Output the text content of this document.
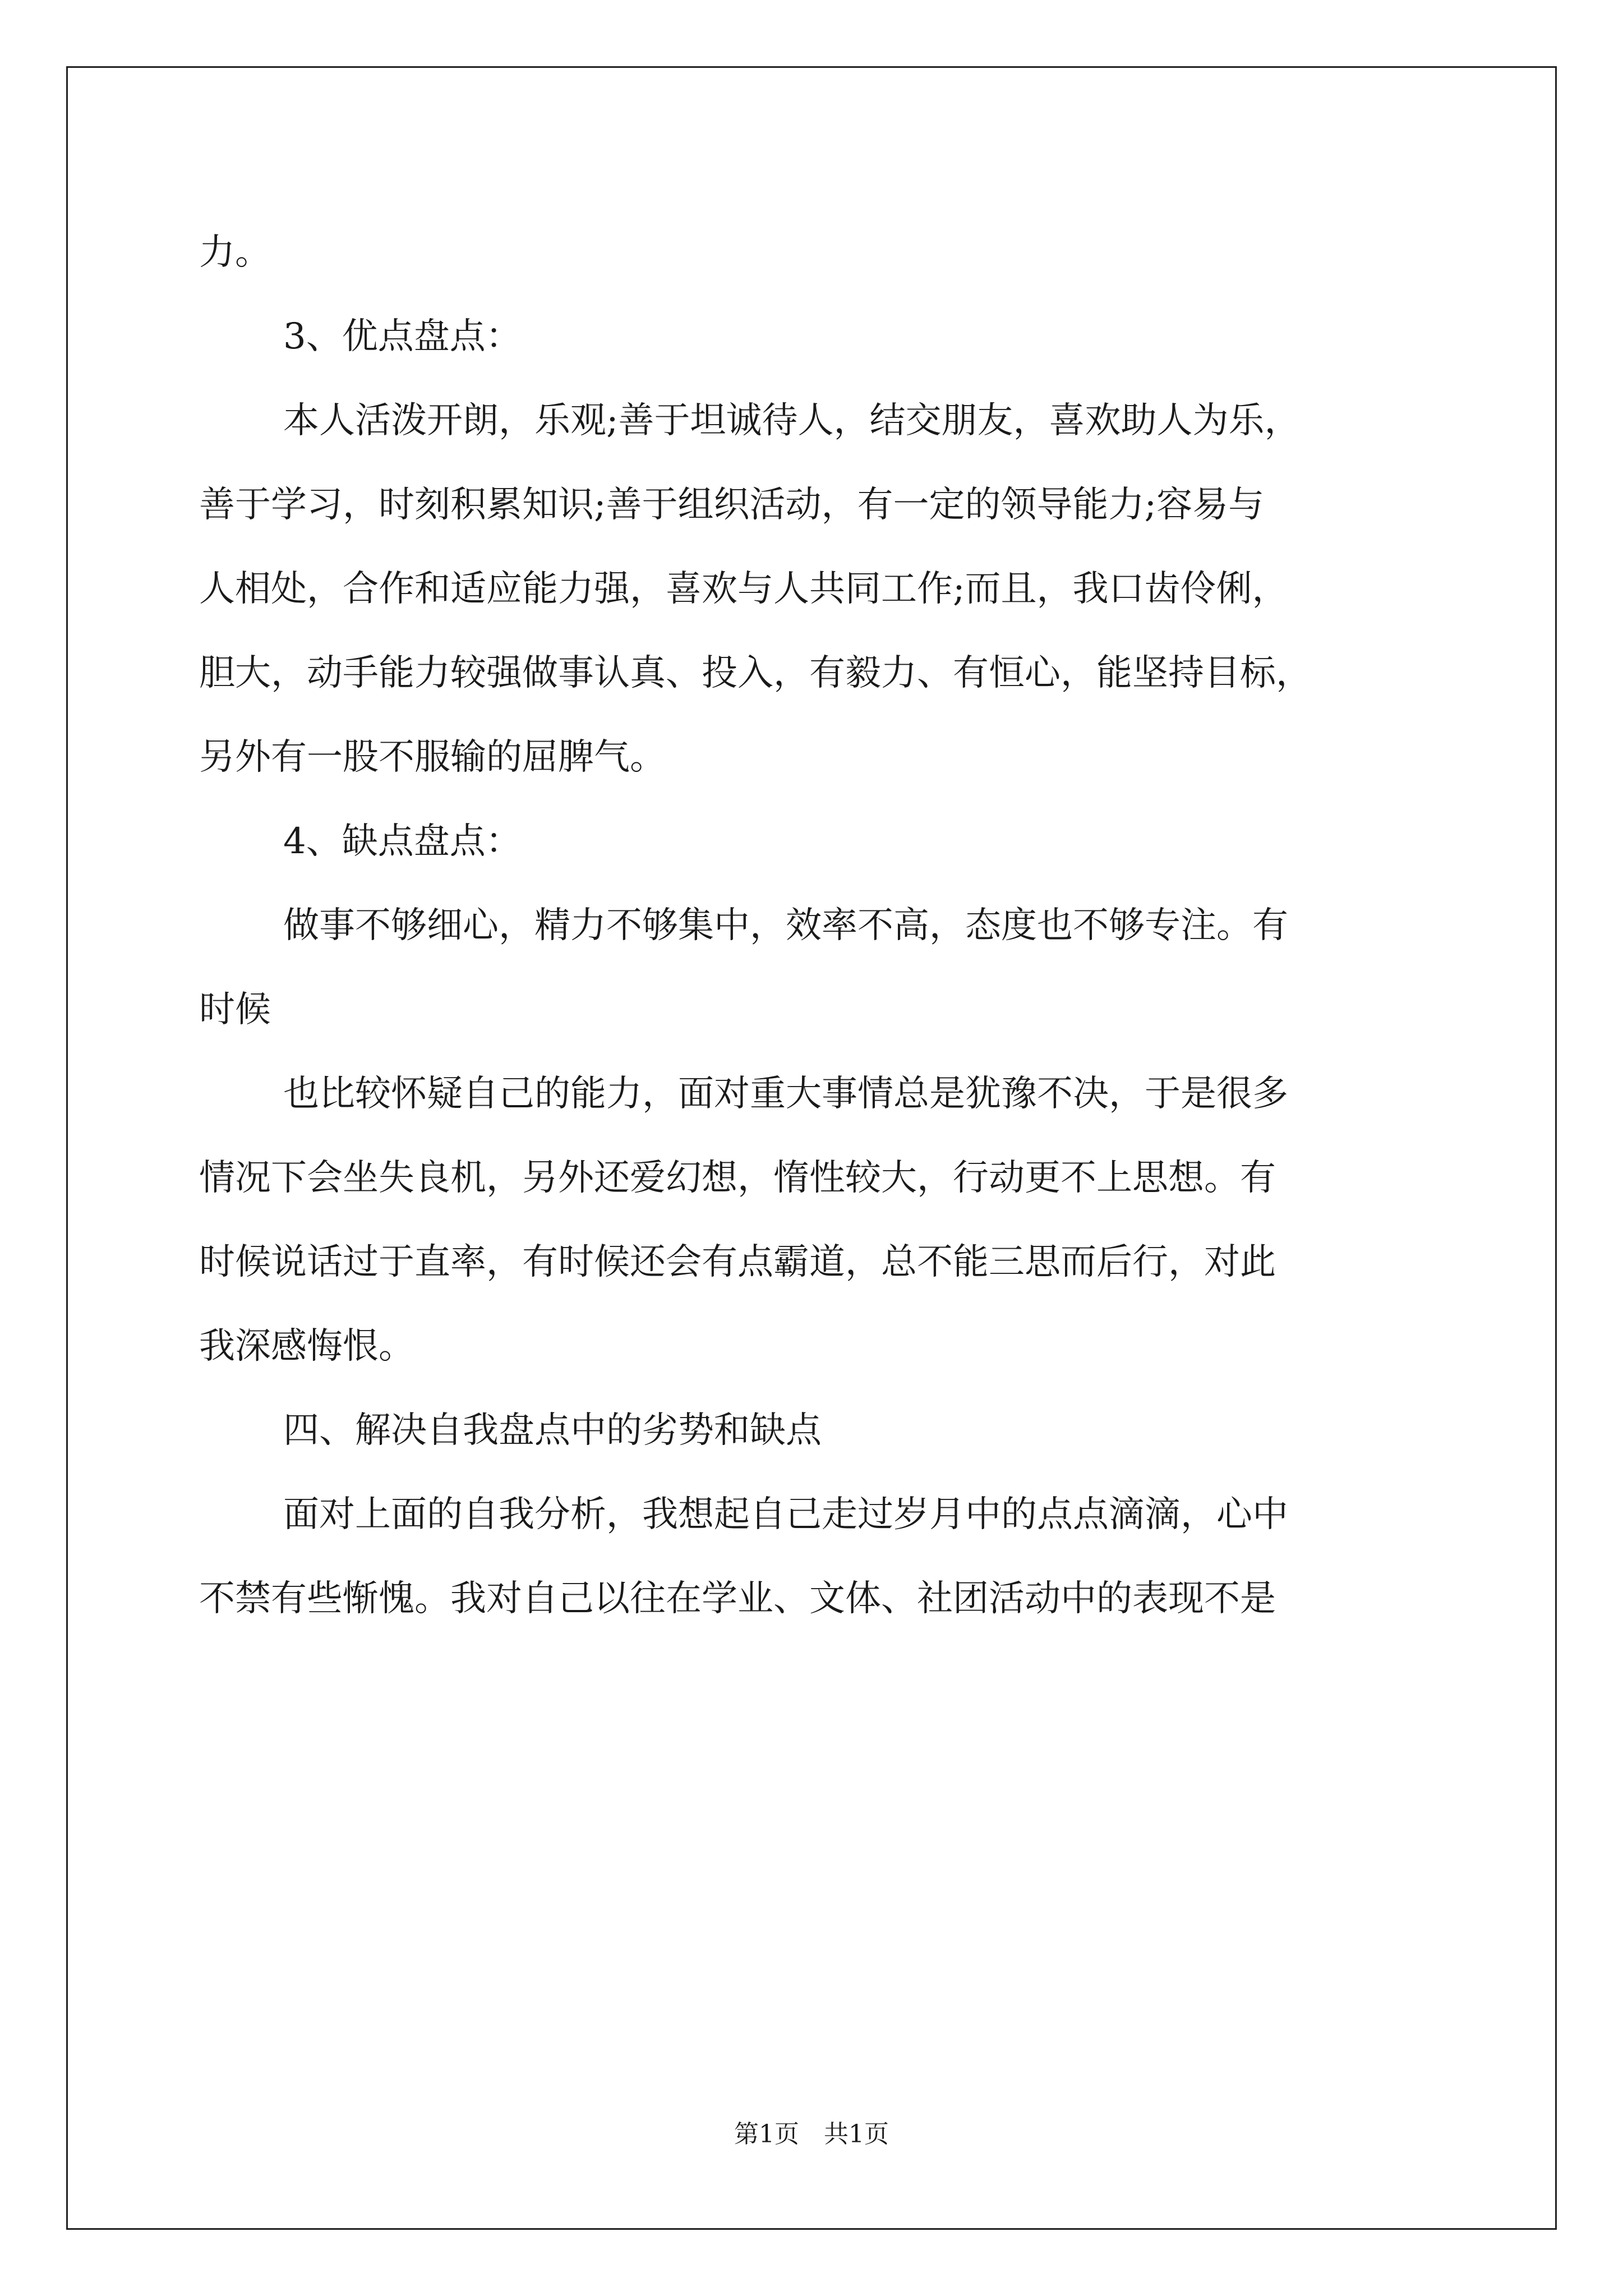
力。
3、优点盘点：
本人活泼开朗，乐观;善于坦诚待人，结交朋友，喜欢助人为乐，
善于学习，时刻积累知识;善于组织活动，有一定的领导能力;容易与
人相处，合作和适应能力强，喜欢与人共同工作;而且，我口齿伶俐，
胆大，动手能力较强做事认真、投入，有毅力、有恒心，能坚持目标，
另外有一股不服输的屈脾气。
4、缺点盘点：
做事不够细心，精力不够集中，效率不高，态度也不够专注。有
时候
也比较怀疑自己的能力，面对重大事情总是犹豫不决，于是很多
情况下会坐失良机，另外还爱幻想，惰性较大，行动更不上思想。有
时候说话过于直率，有时候还会有点霸道，总不能三思而后行，对此
我深感悔恨。
四、解决自我盘点中的劣势和缺点
面对上面的自我分析，我想起自己走过岁月中的点点滴滴，心中
不禁有些惭愧。我对自己以往在学业、文体、社团活动中的表现不是
第1页　共1页
